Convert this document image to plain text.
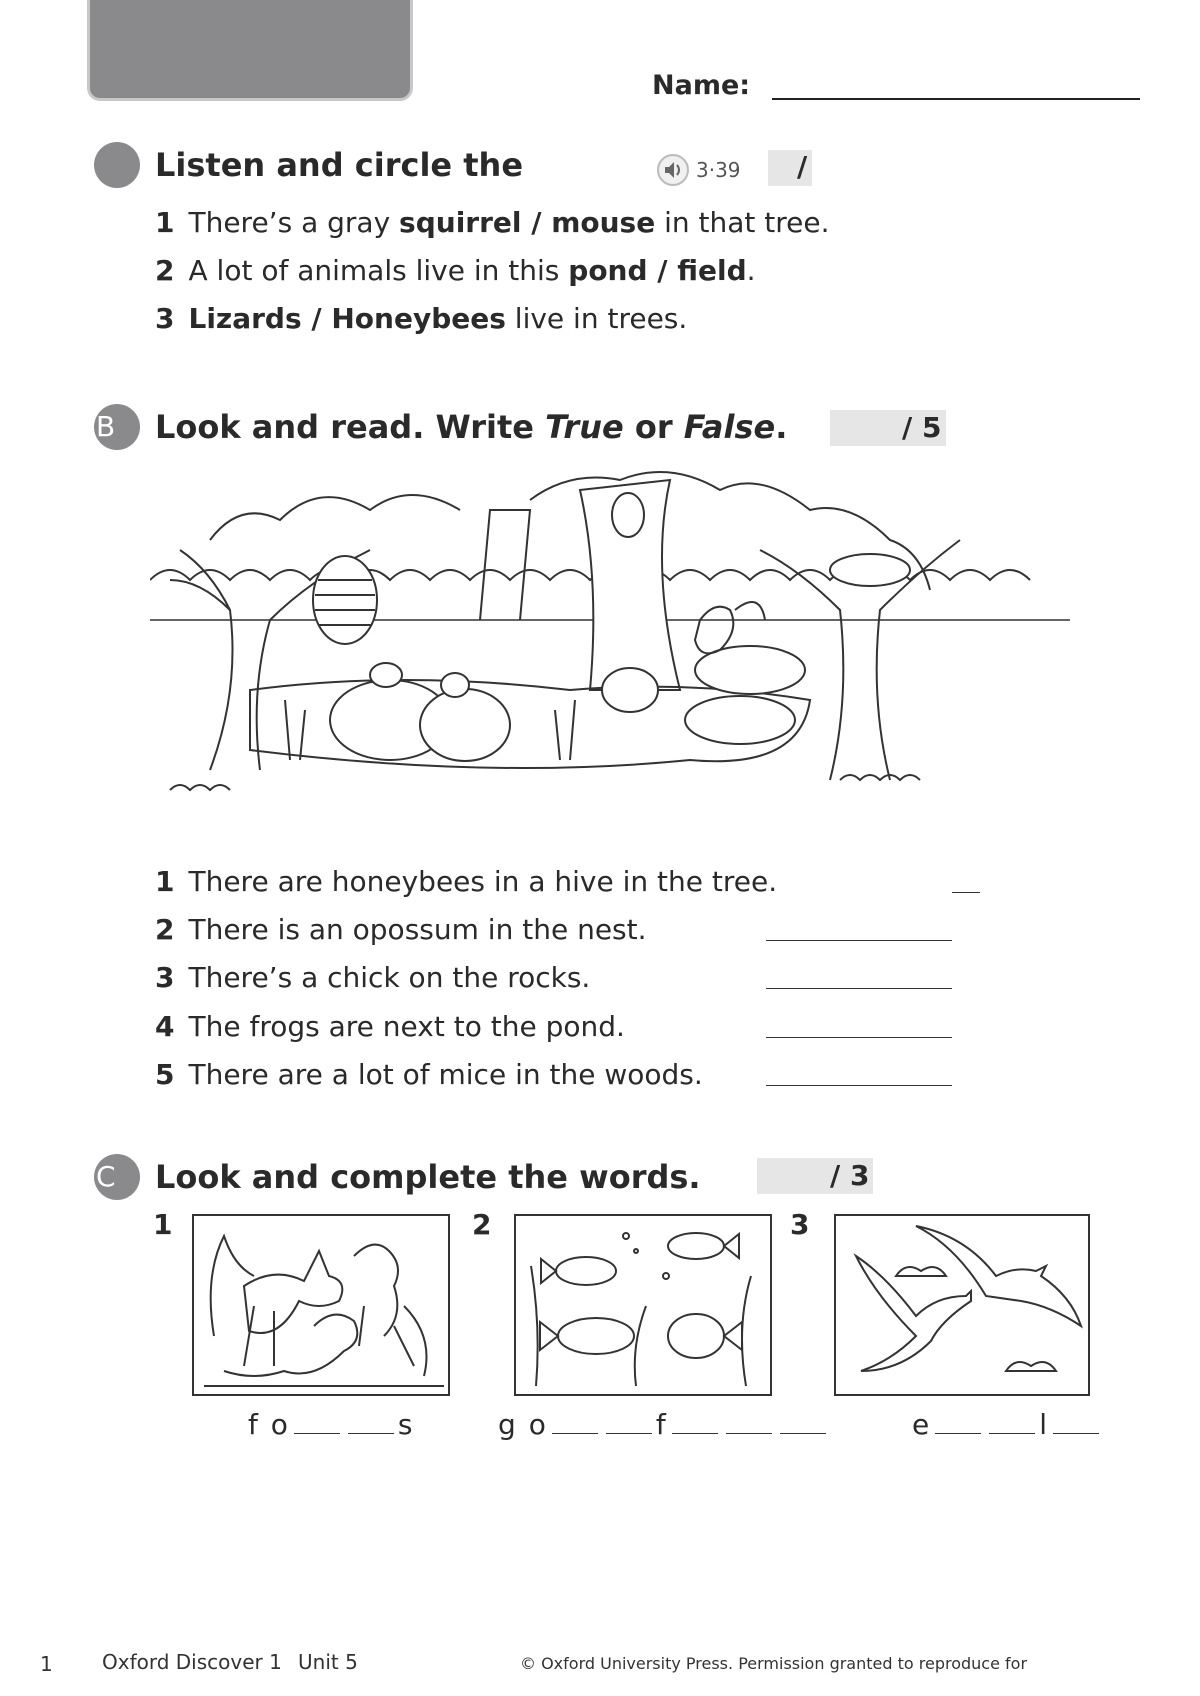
Name:
Listen and circle the	3·39 /
1 There’s a gray squirrel / mouse in that tree.
2 A lot of animals live in this pond / field.
3 Lizards / Honeybees live in trees.
B	Look and read. Write True or False.	/ 5
1 There are honeybees in a hive in the tree.
2 There is an opossum in the nest.
3 There’s a chick on the rocks.
4 The frogs are next to the pond.
5 There are a lot of mice in the woods.
C	Look and complete the words.	/ 3
1
f o	s
2
g o	f
3
e	l
1 Oxford Discover 1 Unit 5	© Oxford University Press. Permission granted to reproduce for
